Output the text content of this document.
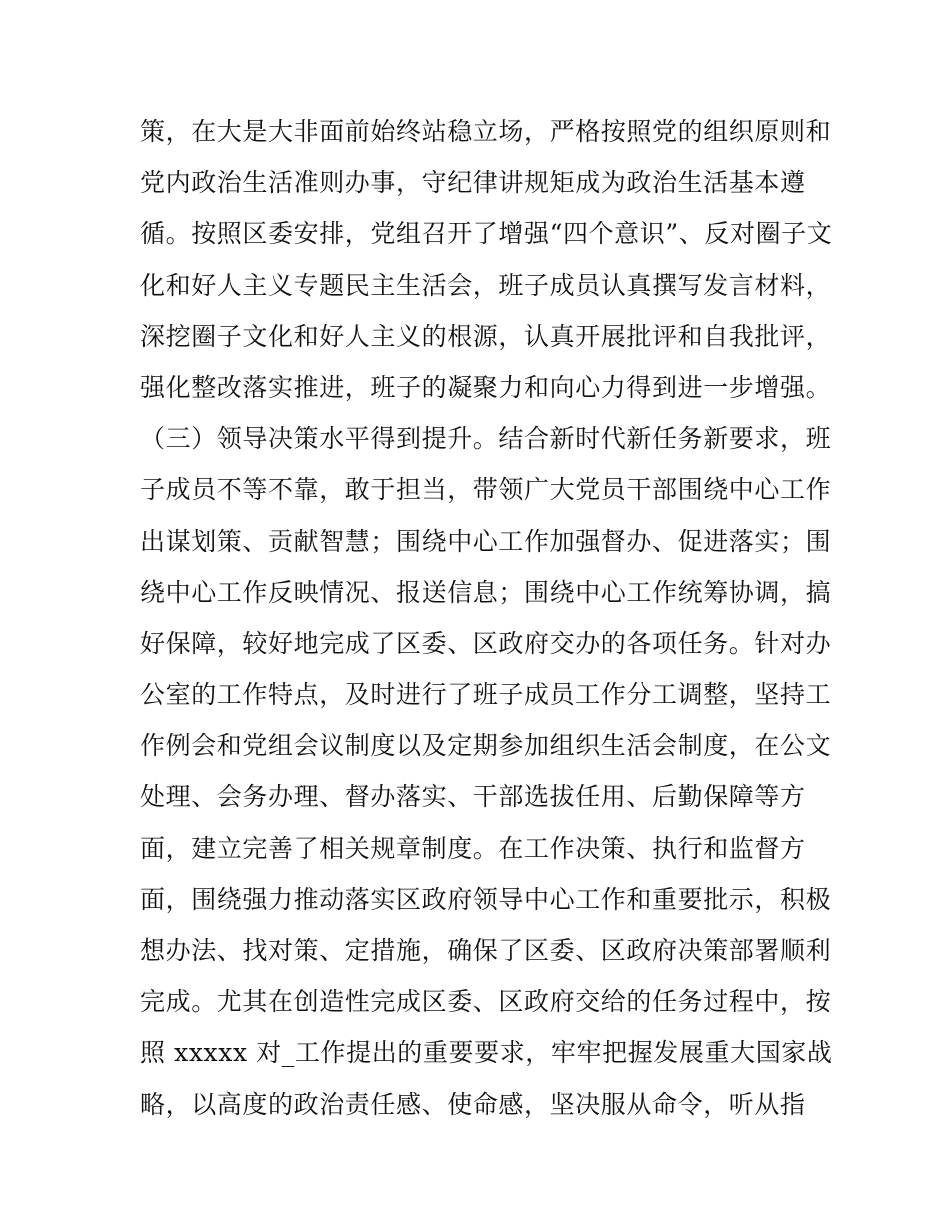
策，在大是大非面前始终站稳立场，严格按照党的组织原则和
党内政治生活准则办事，守纪律讲规矩成为政治生活基本遵
循。按照区委安排，党组召开了增强“四个意识”、反对圈子文
化和好人主义专题民主生活会，班子成员认真撰写发言材料，
深挖圈子文化和好人主义的根源，认真开展批评和自我批评，
强化整改落实推进，班子的凝聚力和向心力得到进一步增强。
（三）领导决策水平得到提升。结合新时代新任务新要求，班
子成员不等不靠，敢于担当，带领广大党员干部围绕中心工作
出谋划策、贡献智慧；围绕中心工作加强督办、促进落实；围
绕中心工作反映情况、报送信息；围绕中心工作统筹协调，搞
好保障，较好地完成了区委、区政府交办的各项任务。针对办
公室的工作特点，及时进行了班子成员工作分工调整，坚持工
作例会和党组会议制度以及定期参加组织生活会制度，在公文
处理、会务办理、督办落实、干部选拔任用、后勤保障等方
面，建立完善了相关规章制度。在工作决策、执行和监督方
面，围绕强力推动落实区政府领导中心工作和重要批示，积极
想办法、找对策、定措施，确保了区委、区政府决策部署顺利
完成。尤其在创造性完成区委、区政府交给的任务过程中，按
照 xxxxx 对_工作提出的重要要求，牢牢把握发展重大国家战
略，以高度的政治责任感、使命感，坚决服从命令，听从指
